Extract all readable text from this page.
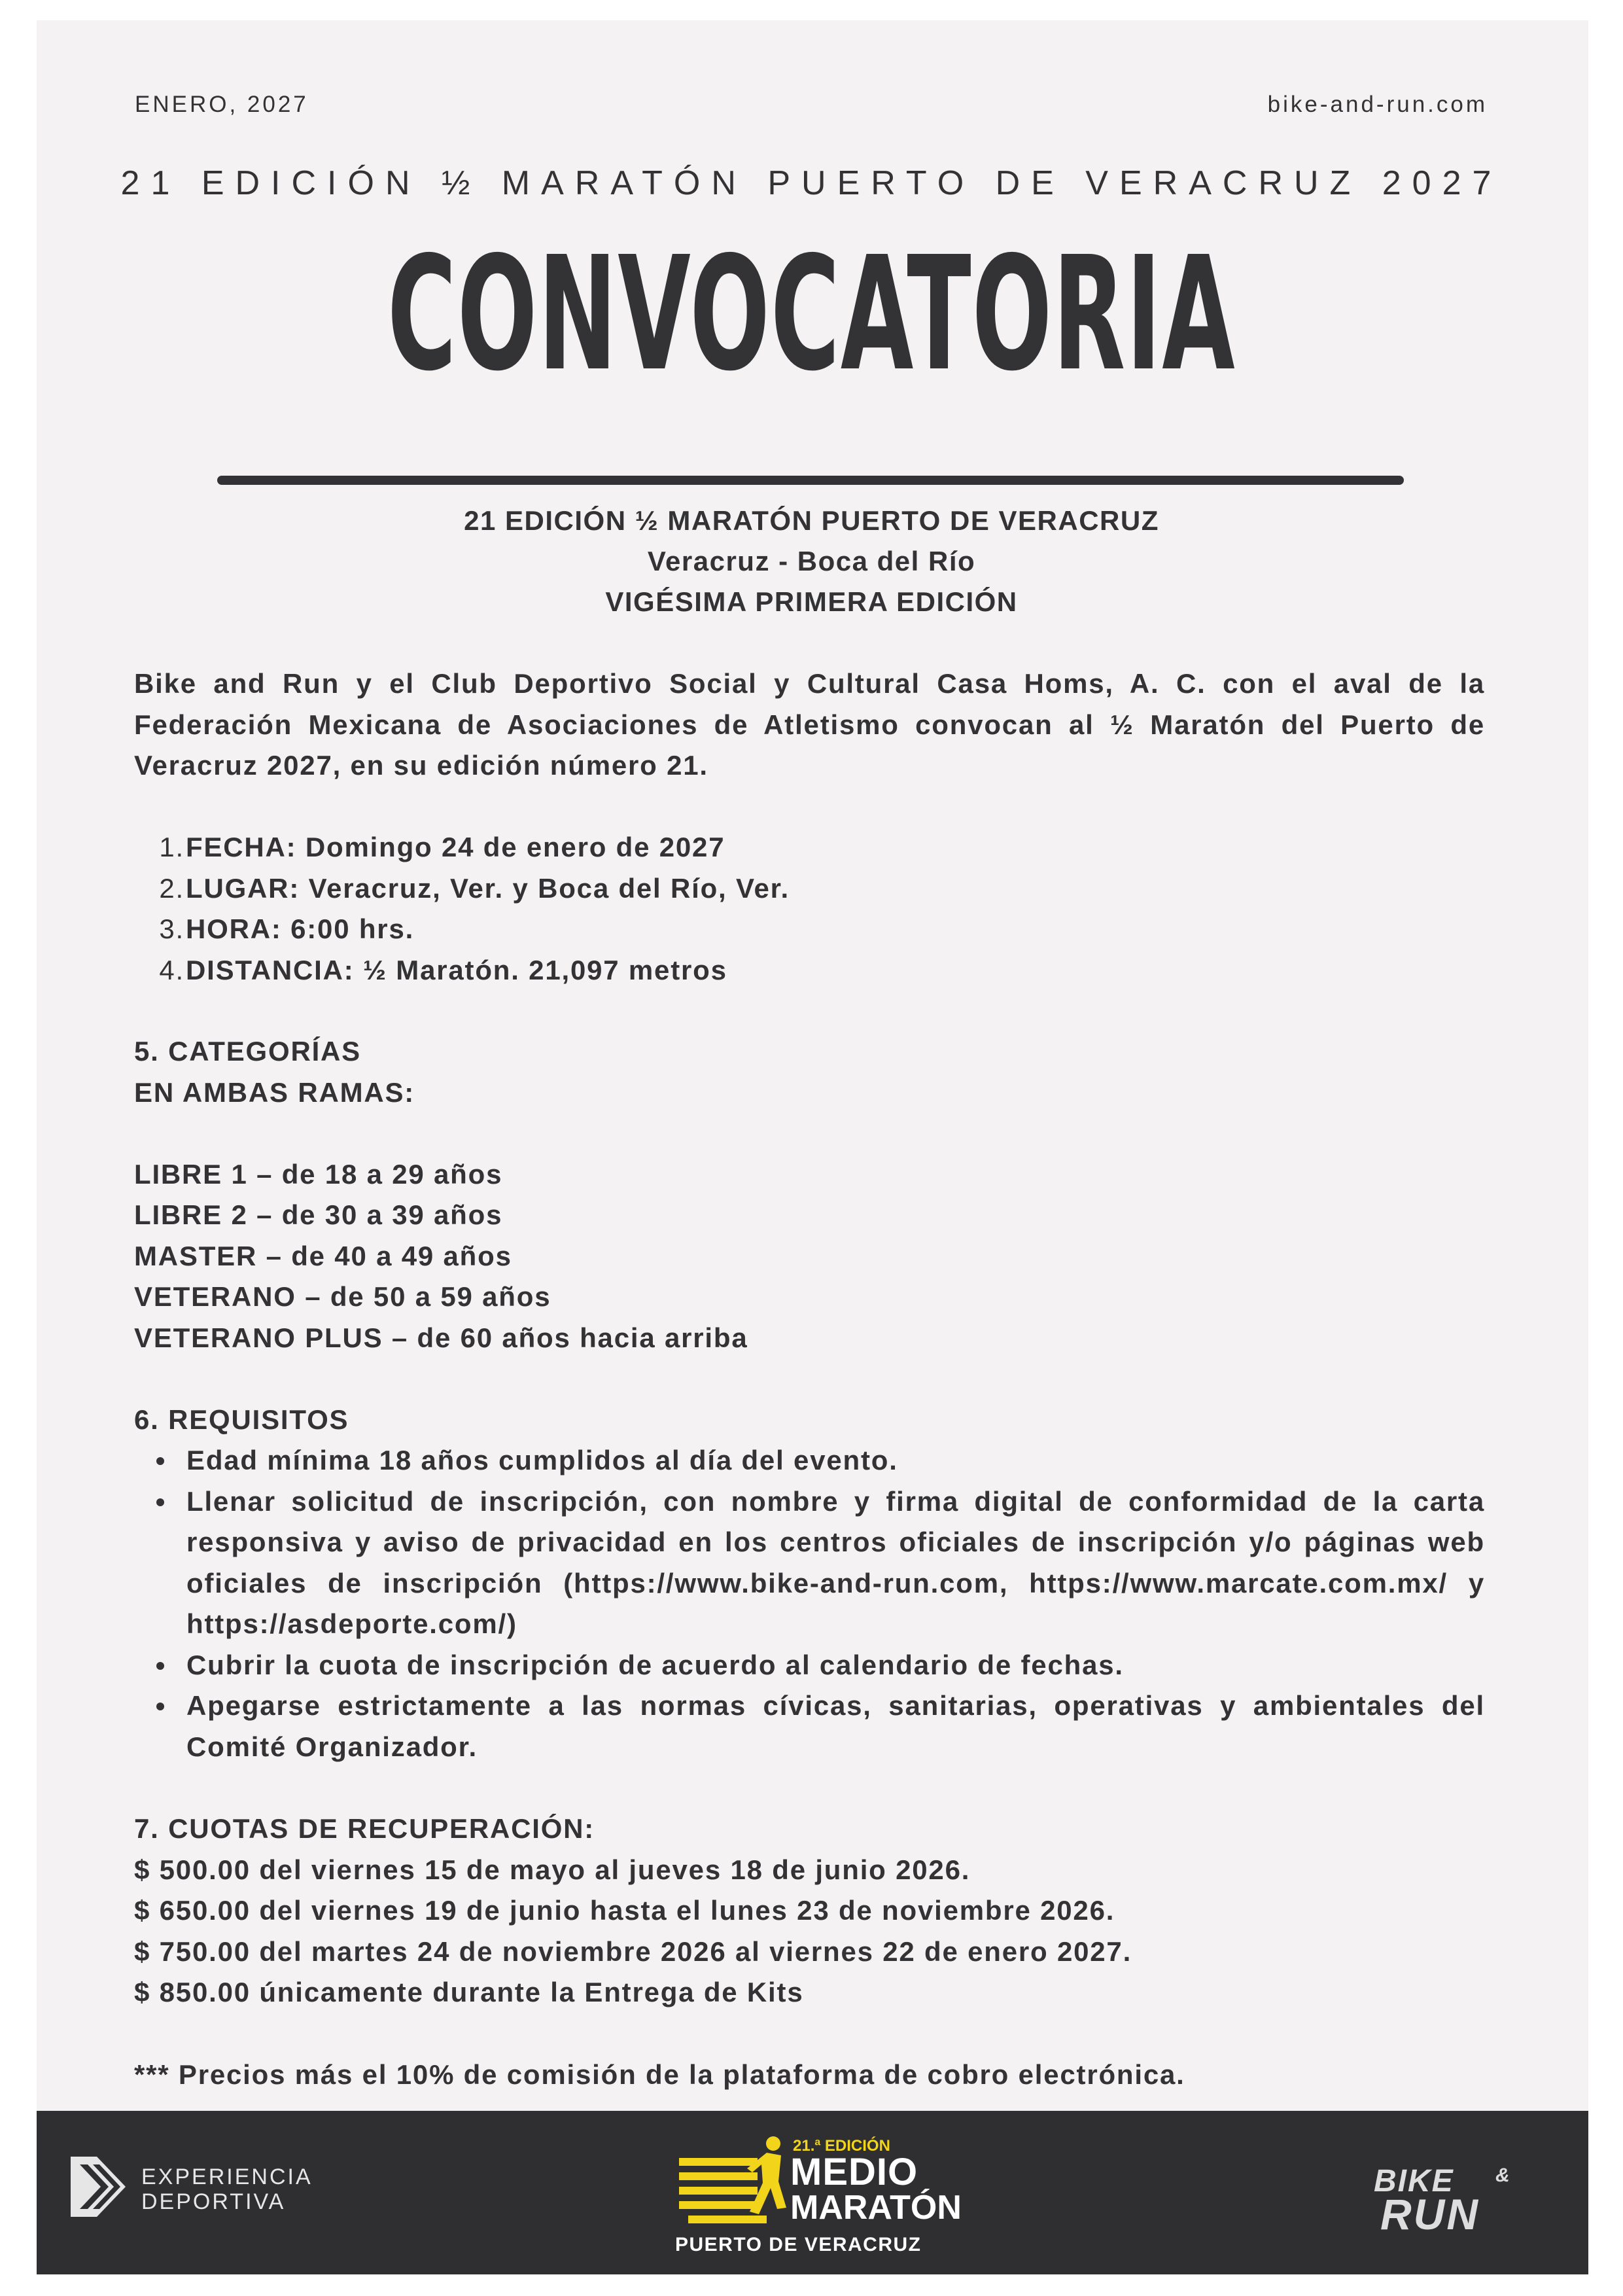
ENERO, 2027	bike-and-run.com
21 EDICIÓN ½ MARATÓN PUERTO DE VERACRUZ 2027
CONVOCATORIA
21 EDICIÓN ½ MARATÓN PUERTO DE VERACRUZ
Veracruz - Boca del Río
VIGÉSIMA PRIMERA EDICIÓN
Bike and Run y el Club Deportivo Social y Cultural Casa Homs, A. C. con el aval de la Federación Mexicana de Asociaciones de Atletismo convocan al ½ Maratón del Puerto de Veracruz 2027, en su edición número 21.
1. FECHA: Domingo 24 de enero de 2027
2. LUGAR: Veracruz, Ver. y Boca del Río, Ver.
3. HORA: 6:00 hrs.
4. DISTANCIA: ½ Maratón. 21,097 metros
5. CATEGORÍAS
EN AMBAS RAMAS:
LIBRE 1 – de 18 a 29 años
LIBRE 2 – de 30 a 39 años
MASTER – de 40 a 49 años
VETERANO – de 50 a 59 años
VETERANO PLUS – de 60 años hacia arriba
6. REQUISITOS
Edad mínima 18 años cumplidos al día del evento.
Llenar solicitud de inscripción, con nombre y firma digital de conformidad de la carta responsiva y aviso de privacidad en los centros oficiales de inscripción y/o páginas web oficiales de inscripción (https://www.bike-and-run.com, https://www.marcate.com.mx/ y https://asdeporte.com/)
Cubrir la cuota de inscripción de acuerdo al calendario de fechas.
Apegarse estrictamente a las normas cívicas, sanitarias, operativas y ambientales del Comité Organizador.
7. CUOTAS DE RECUPERACIÓN:
$ 500.00 del viernes 15 de mayo al jueves 18 de junio 2026.
$ 650.00 del viernes 19 de junio hasta el lunes 23 de noviembre 2026.
$ 750.00 del martes 24 de noviembre 2026 al viernes 22 de enero 2027.
$ 850.00 únicamente durante la Entrega de Kits
*** Precios más el 10% de comisión de la plataforma de cobro electrónica.
EXPERIENCIA
DEPORTIVA
21.ª EDICIÓN
MEDIO
MARATÓN
PUERTO DE VERACRUZ
BIKE &
RUN
